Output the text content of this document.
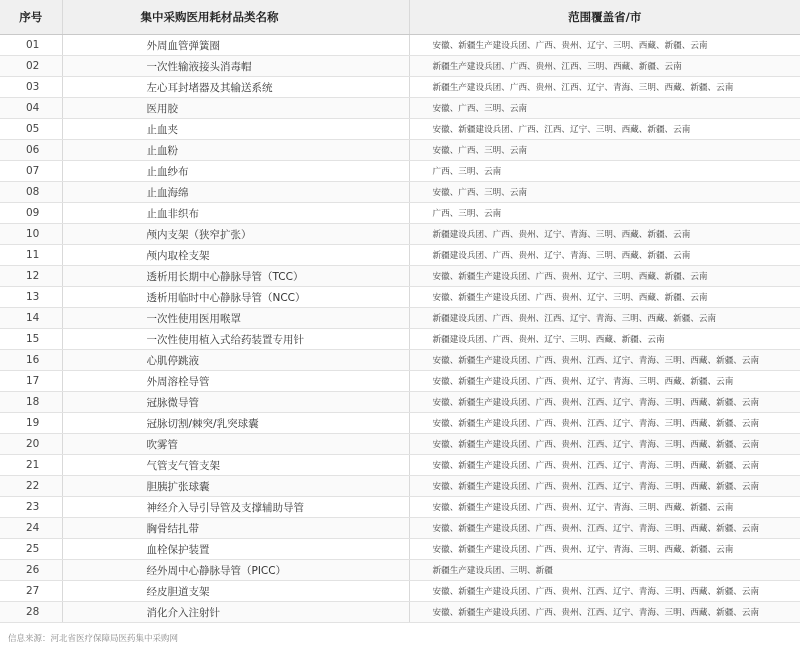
序号	集中采购医用耗材品类名称	范围覆盖省/市
01	外周血管弹簧圈	安徽、新疆生产建设兵团、广西、贵州、辽宁、三明、西藏、新疆、云南
02	一次性输液接头消毒帽	新疆生产建设兵团、广西、贵州、江西、三明、西藏、新疆、云南
03	左心耳封堵器及其输送系统	新疆生产建设兵团、广西、贵州、江西、辽宁、青海、三明、西藏、新疆、云南
04	医用胶	安徽、广西、三明、云南
05	止血夹	安徽、新疆建设兵团、广西、江西、辽宁、三明、西藏、新疆、云南
06	止血粉	安徽、广西、三明、云南
07	止血纱布	广西、三明、云南
08	止血海绵	安徽、广西、三明、云南
09	止血非织布	广西、三明、云南
10	颅内支架（狭窄扩张）	新疆建设兵团、广西、贵州、辽宁、青海、三明、西藏、新疆、云南
11	颅内取栓支架	新疆建设兵团、广西、贵州、辽宁、青海、三明、西藏、新疆、云南
12	透析用长期中心静脉导管（TCC）	安徽、新疆生产建设兵团、广西、贵州、辽宁、三明、西藏、新疆、云南
13	透析用临时中心静脉导管（NCC）	安徽、新疆生产建设兵团、广西、贵州、辽宁、三明、西藏、新疆、云南
14	一次性使用医用喉罩	新疆建设兵团、广西、贵州、江西、辽宁、青海、三明、西藏、新疆、云南
15	一次性使用植入式给药装置专用针	新疆建设兵团、广西、贵州、辽宁、三明、西藏、新疆、云南
16	心肌停跳液	安徽、新疆生产建设兵团、广西、贵州、江西、辽宁、青海、三明、西藏、新疆、云南
17	外周溶栓导管	安徽、新疆生产建设兵团、广西、贵州、辽宁、青海、三明、西藏、新疆、云南
18	冠脉微导管	安徽、新疆生产建设兵团、广西、贵州、江西、辽宁、青海、三明、西藏、新疆、云南
19	冠脉切割/棘突/乳突球囊	安徽、新疆生产建设兵团、广西、贵州、江西、辽宁、青海、三明、西藏、新疆、云南
20	吹雾管	安徽、新疆生产建设兵团、广西、贵州、江西、辽宁、青海、三明、西藏、新疆、云南
21	气管支气管支架	安徽、新疆生产建设兵团、广西、贵州、江西、辽宁、青海、三明、西藏、新疆、云南
22	胆胰扩张球囊	安徽、新疆生产建设兵团、广西、贵州、江西、辽宁、青海、三明、西藏、新疆、云南
23	神经介入导引导管及支撑辅助导管	安徽、新疆生产建设兵团、广西、贵州、辽宁、青海、三明、西藏、新疆、云南
24	胸骨结扎带	安徽、新疆生产建设兵团、广西、贵州、江西、辽宁、青海、三明、西藏、新疆、云南
25	血栓保护装置	安徽、新疆生产建设兵团、广西、贵州、辽宁、青海、三明、西藏、新疆、云南
26	经外周中心静脉导管（PICC）	新疆生产建设兵团、三明、新疆
27	经皮胆道支架	安徽、新疆生产建设兵团、广西、贵州、江西、辽宁、青海、三明、西藏、新疆、云南
28	消化介入注射针	安徽、新疆生产建设兵团、广西、贵州、江西、辽宁、青海、三明、西藏、新疆、云南
信息来源：河北省医疗保障局医药集中采购网
